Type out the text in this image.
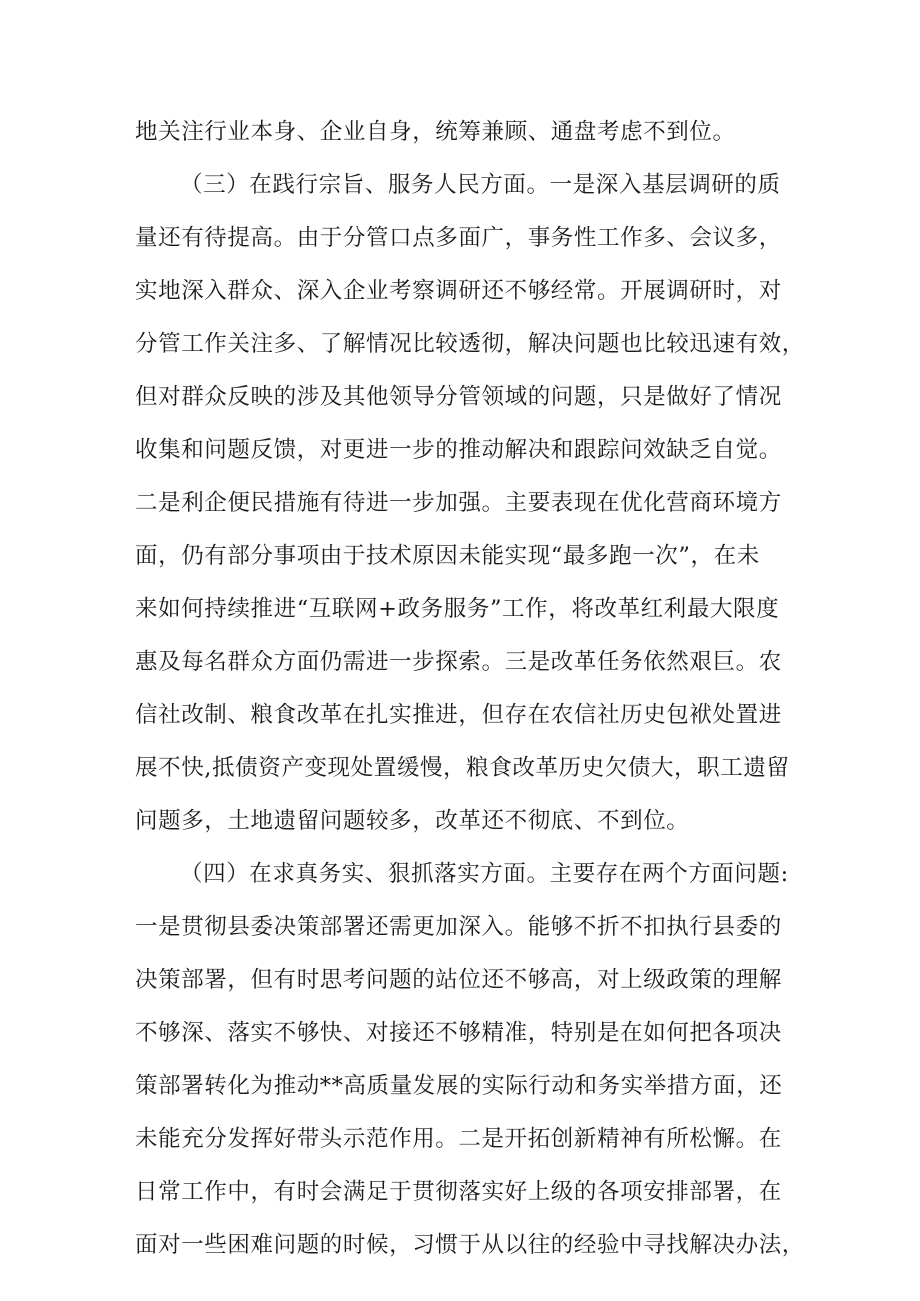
地关注行业本身、企业自身，统筹兼顾、通盘考虑不到位。
（三）在践行宗旨、服务人民方面。一是深入基层调研的质
量还有待提高。由于分管口点多面广，事务性工作多、会议多，
实地深入群众、深入企业考察调研还不够经常。开展调研时，对
分管工作关注多、了解情况比较透彻，解决问题也比较迅速有效，
但对群众反映的涉及其他领导分管领域的问题，只是做好了情况
收集和问题反馈，对更进一步的推动解决和跟踪问效缺乏自觉。
二是利企便民措施有待进一步加强。主要表现在优化营商环境方
面，仍有部分事项由于技术原因未能实现“最多跑一次”，在未
来如何持续推进“互联网+政务服务”工作，将改革红利最大限度
惠及每名群众方面仍需进一步探索。三是改革任务依然艰巨。农
信社改制、粮食改革在扎实推进，但存在农信社历史包袱处置进
展不快,抵债资产变现处置缓慢，粮食改革历史欠债大，职工遗留
问题多，土地遗留问题较多，改革还不彻底、不到位。
（四）在求真务实、狠抓落实方面。主要存在两个方面问题:
一是贯彻县委决策部署还需更加深入。能够不折不扣执行县委的
决策部署，但有时思考问题的站位还不够高，对上级政策的理解
不够深、落实不够快、对接还不够精准，特别是在如何把各项决
策部署转化为推动**高质量发展的实际行动和务实举措方面，还
未能充分发挥好带头示范作用。二是开拓创新精神有所松懈。在
日常工作中，有时会满足于贯彻落实好上级的各项安排部署，在
面对一些困难问题的时候，习惯于从以往的经验中寻找解决办法，
